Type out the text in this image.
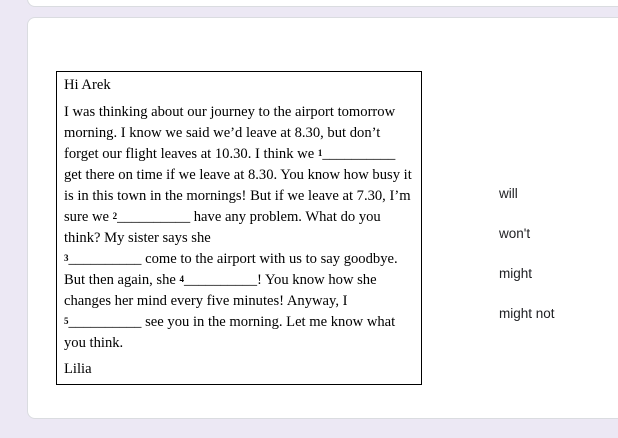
Hi Arek

I was thinking about our journey to the airport tomorrow morning. I know we said we’d leave at 8.30, but don’t forget our flight leaves at 10.30. I think we $^1$__________ get there on time if we leave at 8.30. You know how busy it is in this town in the mornings! But if we leave at 7.30, I’m sure we $^2$__________ have any problem. What do you think? My sister says she
$^3$__________ come to the airport with us to say goodbye. But then again, she $^4$__________! You know how she changes her mind every five minutes! Anyway, I $^5$__________ see you in the morning. Let me know what you think.

Lilia

will
won't
might
might not
